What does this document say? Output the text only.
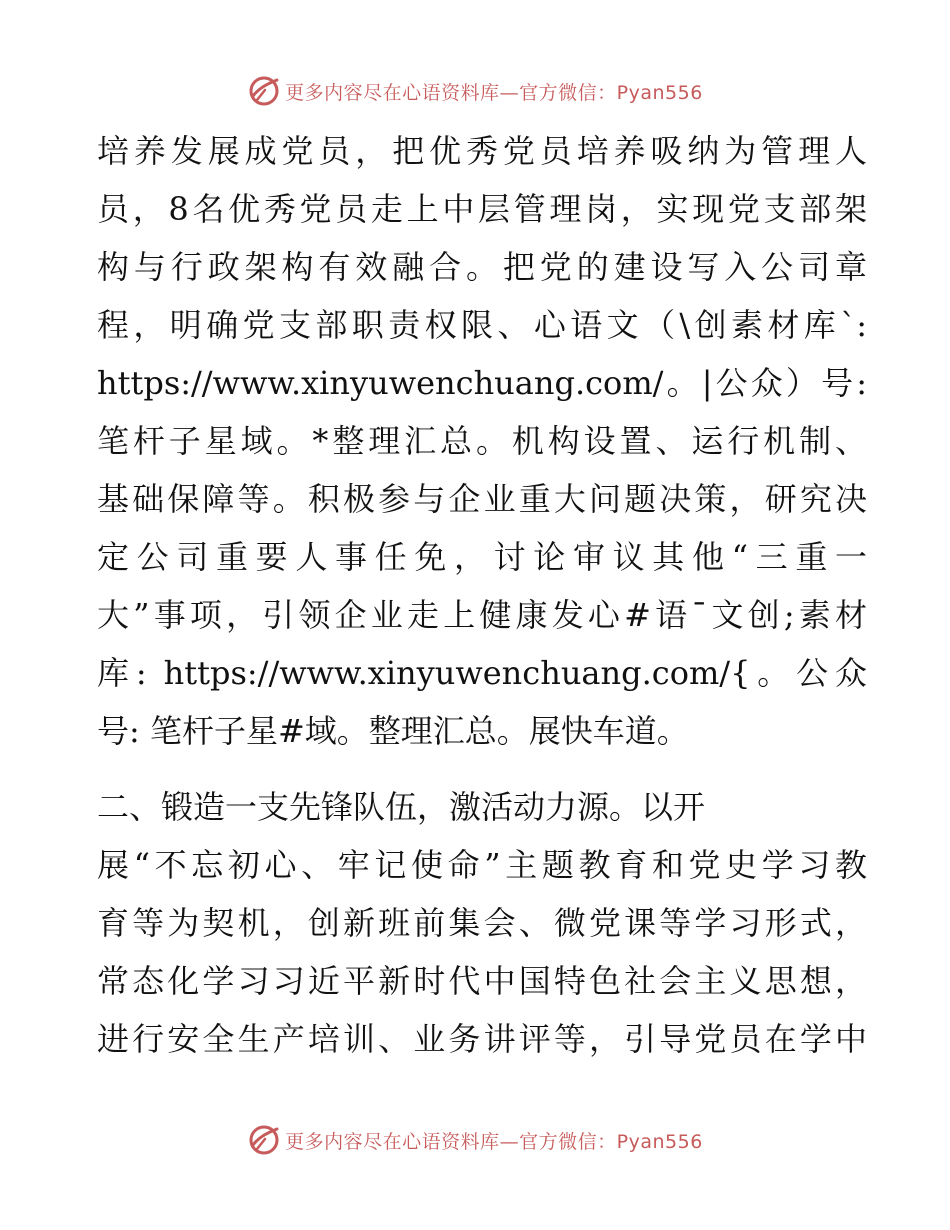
更多内容尽在心语资料库—官方微信：Pyan556
培养发展成党员，把优秀党员培养吸纳为管理人
员，8名优秀党员走上中层管理岗，实现党支部架
构与行政架构有效融合。把党的建设写入公司章
程，明确党支部职责权限、心语文（\创素材库`:
https://www.xinyuwenchuang.com/。|公众）号:
笔杆子星域。*整理汇总。机构设置、运行机制、
基础保障等。积极参与企业重大问题决策，研究决
定公司重要人事任免，讨论审议其他“三重一
大”事项，引领企业走上健康发心#语¯文创;素材
库: https://www.xinyuwenchuang.com/{。公众
号: 笔杆子星#域。整理汇总。展快车道。
二、锻造一支先锋队伍，激活动力源。以开
展“不忘初心、牢记使命”主题教育和党史学习教
育等为契机，创新班前集会、微党课等学习形式，
常态化学习习近平新时代中国特色社会主义思想，
进行安全生产培训、业务讲评等，引导党员在学中
更多内容尽在心语资料库—官方微信：Pyan556
